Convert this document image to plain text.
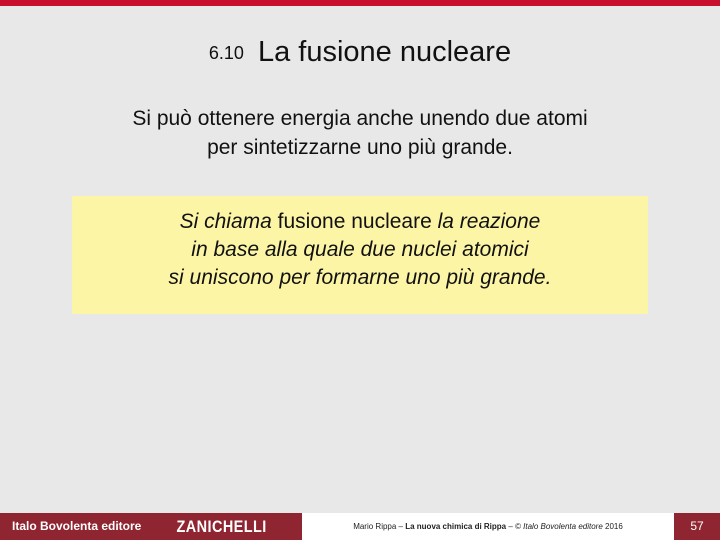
6.10 La fusione nucleare
Si può ottenere energia anche unendo due atomi
per sintetizzarne uno più grande.

Si chiama fusione nucleare la reazione
in base alla quale due nuclei atomici
si uniscono per formarne uno più grande.

Italo Bovolenta editore ZANICHELLI	Mario Rippa – La nuova chimica di Rippa – © Italo Bovolenta editore 2016	57
